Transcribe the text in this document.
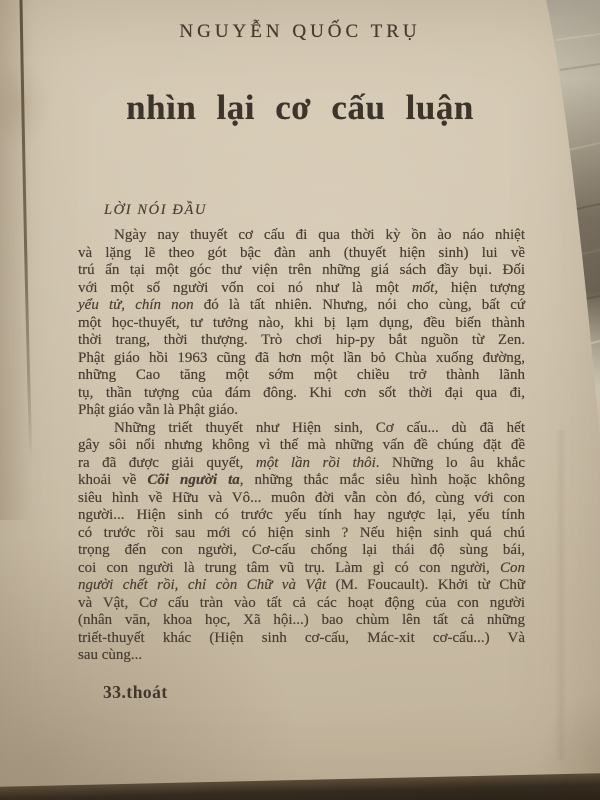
NGUYỄN QUỐC TRỤ
nhìn lại cơ cấu luận
LỜI NÓI ĐẦU
Ngày nay thuyết cơ cấu đi qua thời kỳ ồn ào náo nhiệt
và lặng lẽ theo gót bậc đàn anh (thuyết hiện sinh) lui về
trú ẩn tại một góc thư viện trên những giá sách đầy bụi. Đối
với một số người vốn coi nó như là một mốt, hiện tượng
yểu tử, chín non đó là tất nhiên. Nhưng, nói cho cùng, bất cứ
một học-thuyết, tư tưởng nào, khi bị lạm dụng, đều biến thành
thời trang, thời thượng. Trò chơi hip-py bắt nguồn từ Zen.
Phật giáo hồi 1963 cũng đã hơn một lần bỏ Chùa xuống đường,
những Cao tăng một sớm một chiều trở thành lãnh
tụ, thần tượng của đám đông. Khi cơn sốt thời đại qua đi,
Phật giáo vẫn là Phật giáo.
Những triết thuyết như Hiện sinh, Cơ cấu... dù đã hết
gây sôi nổi nhưng không vì thế mà những vấn đề chúng đặt đề
ra đã được giải quyết, một lần rồi thôi. Những lo âu khắc
khoải về Cõi người ta, những thắc mắc siêu hình hoặc không
siêu hình về Hữu và Vô... muôn đời vẫn còn đó, cùng với con
người... Hiện sinh có trước yếu tính hay ngược lại, yếu tính
có trước rồi sau mới có hiện sinh ? Nếu hiện sinh quá chú
trọng đến con người, Cơ-cấu chống lại thái độ sùng bái,
coi con người là trung tâm vũ trụ. Làm gì có con người, Con
người chết rồi, chỉ còn Chữ và Vật (M. Foucault). Khởi từ Chữ
và Vật, Cơ cấu tràn vào tất cả các hoạt động của con người
(nhân văn, khoa học, Xã hội...) bao chùm lên tất cả những
triết-thuyết khác (Hiện sinh cơ-cấu, Mác-xit cơ-cấu...) Và
sau cùng...
33.thoát
